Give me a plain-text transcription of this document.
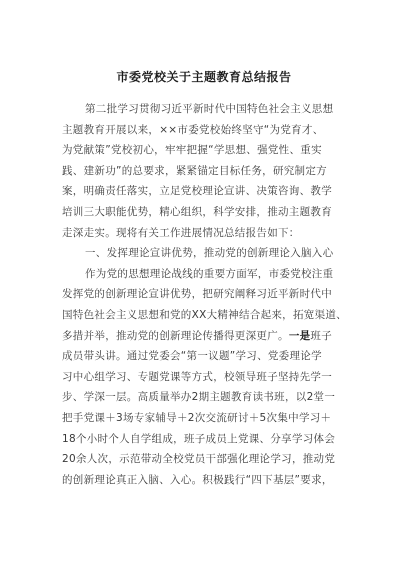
市委党校关于主题教育总结报告
第二批学习贯彻习近平新时代中国特色社会主义思想
主题教育开展以来，××市委党校始终坚守“为党育才、
为党献策”党校初心，牢牢把握“学思想、强党性、重实
践、建新功”的总要求，紧紧锚定目标任务，研究制定方
案，明确责任落实，立足党校理论宣讲、决策咨询、教学
培训三大职能优势，精心组织，科学安排，推动主题教育
走深走实。现将有关工作进展情况总结报告如下：
一、发挥理论宣讲优势，推动党的创新理论入脑入心
作为党的思想理论战线的重要方面军，市委党校注重
发挥党的创新理论宣讲优势，把研究阐释习近平新时代中
国特色社会主义思想和党的XX大精神结合起来，拓宽渠道、
多措并举，推动党的创新理论传播得更深更广。一是班子
成员带头讲。通过党委会“第一议题”学习、党委理论学
习中心组学习、专题党课等方式，校领导班子坚持先学一
步、学深一层。高质量举办2期主题教育读书班，以2堂一
把手党课＋3场专家辅导＋2次交流研讨＋5次集中学习＋
18个小时个人自学组成，班子成员上党课、分享学习体会
20余人次，示范带动全校党员干部强化理论学习，推动党
的创新理论真正入脑、入心。积极践行“四下基层”要求，
